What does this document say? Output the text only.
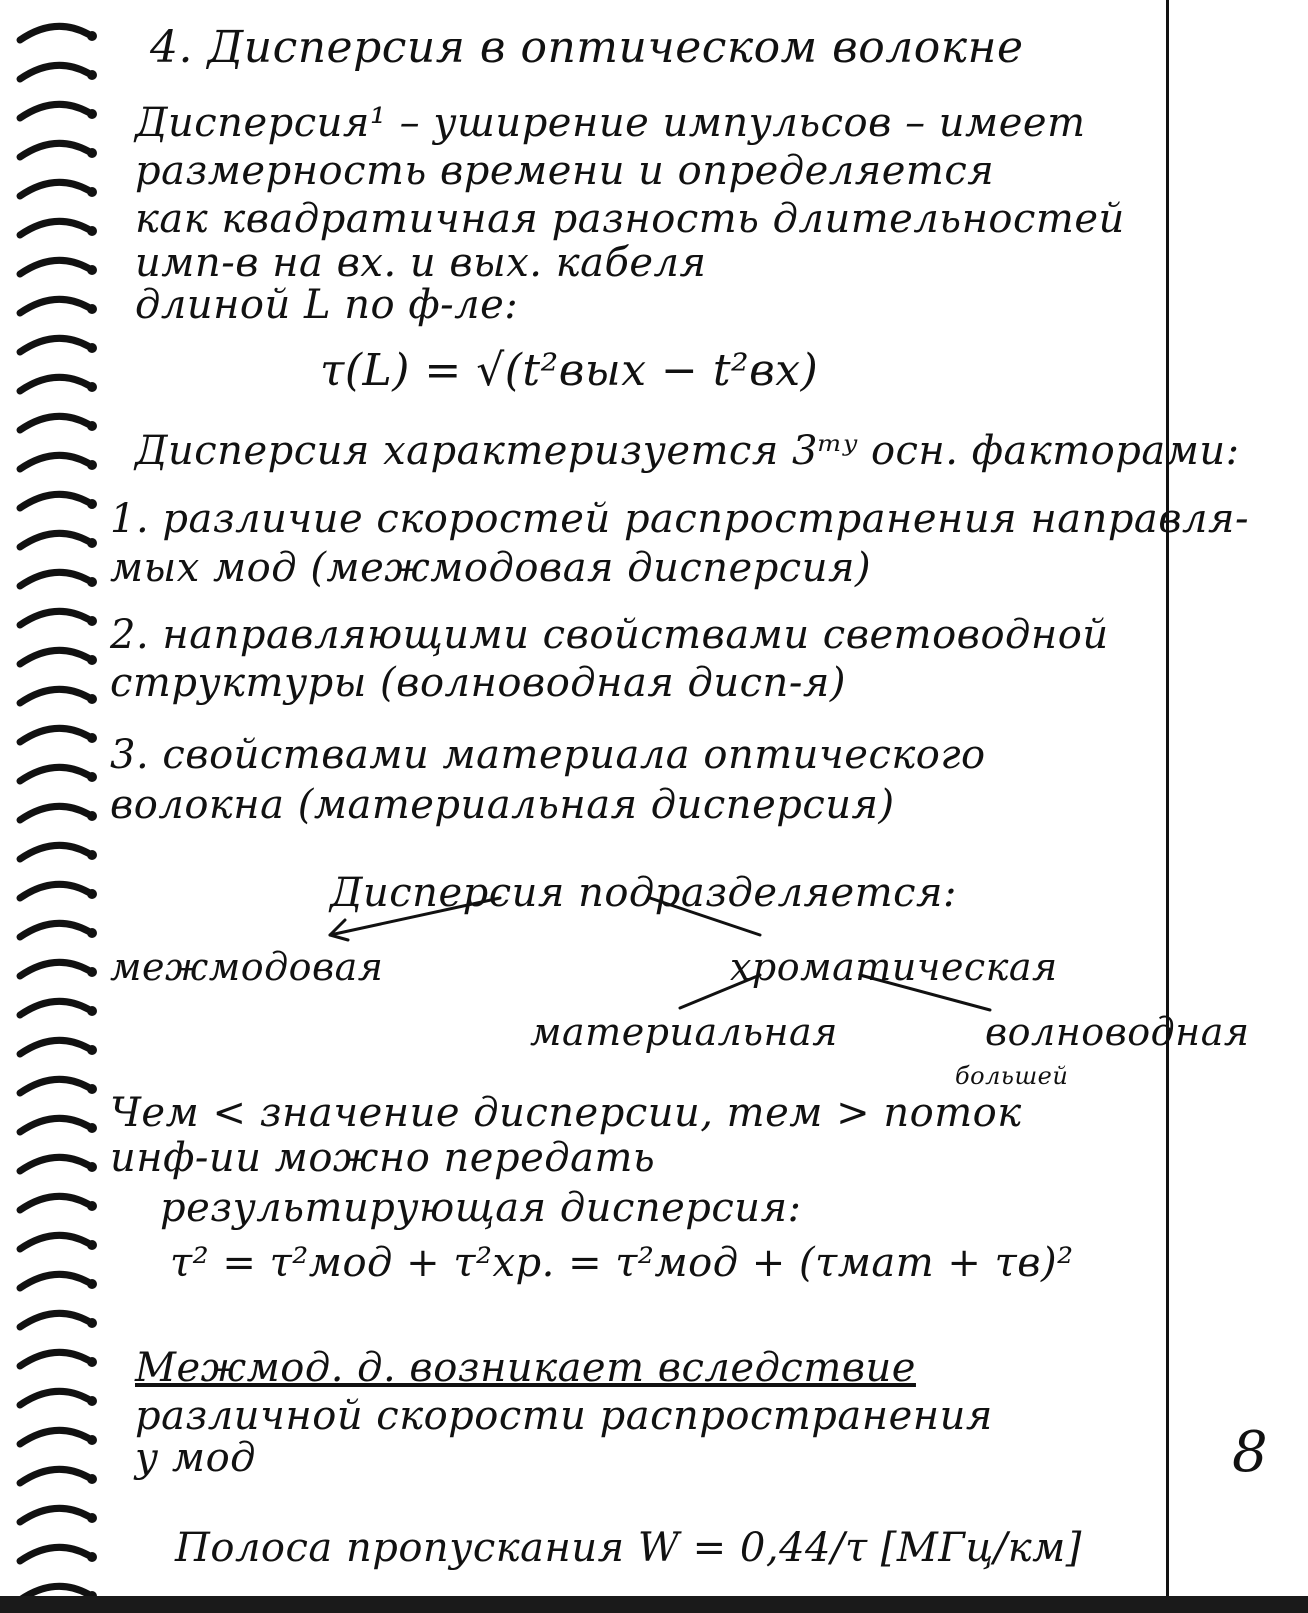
4. Дисперсия в оптическом волокне
Дисперсия¹ – уширение импульсов – имеет
размерность времени и определяется
как квадратичная разность длительностей
имп-в на вх. и вых. кабеля
длиной L по ф-ле:
τ(L) = √(t²вых − t²вх)
Дисперсия характеризуется 3ᵐʸ осн. факторами:
1. различие скоростей распространения направля-
мых мод (межмодовая дисперсия)
2. направляющими свойствами световодной
структуры (волноводная дисп-я)
3. свойствами материала оптического
волокна (материальная дисперсия)
Дисперсия подразделяется:
межмодовая	хроматическая
материальная	волноводная
большей
Чем < значение дисперсии, тем > поток
инф-ии можно передать
результирующая дисперсия:
τ² = τ²мод + τ²хр. = τ²мод + (τмат + τв)²
Межмод. д. возникает вследствие
различной скорости распространения
у мод	8
Полоса пропускания W = 0,44/τ [МГц/км]
